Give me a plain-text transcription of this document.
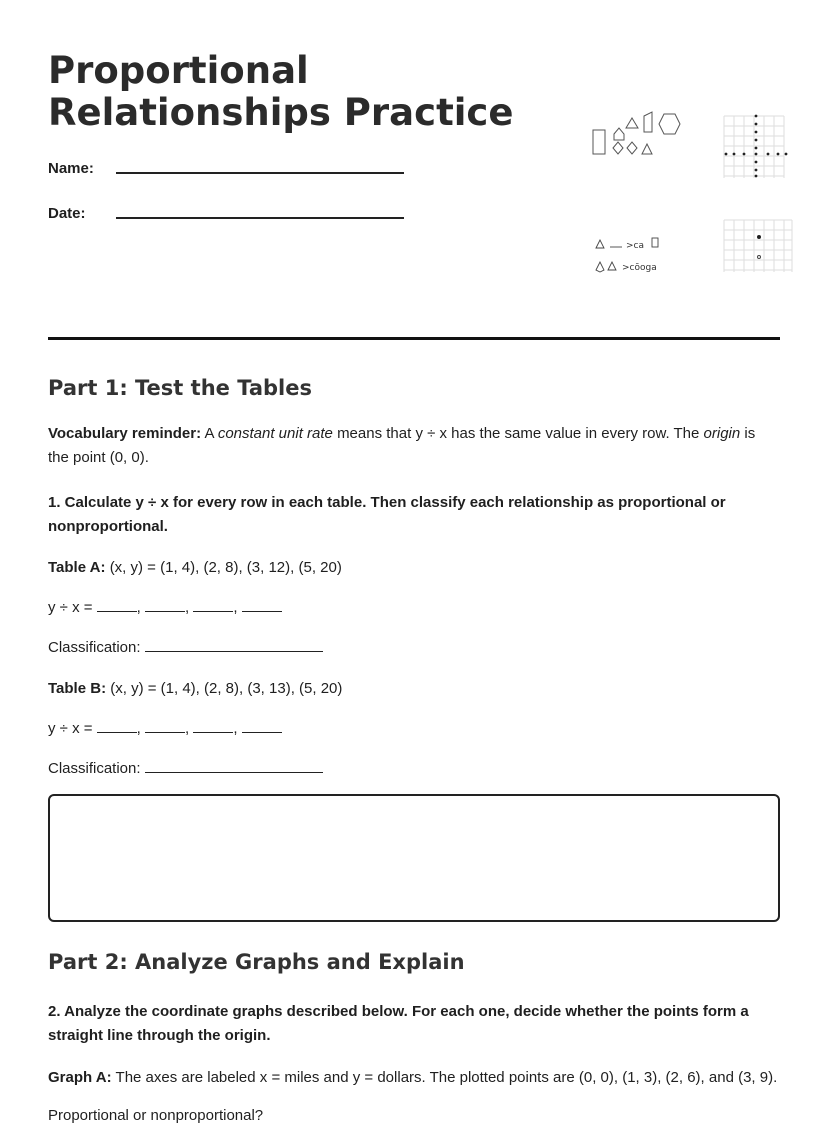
Proportional
Relationships Practice
Name:
Date:
>ca
>cōoga
Part 1: Test the Tables

Vocabulary reminder: A constant unit rate means that y ÷ x has the same value in every row. The origin is the point (0, 0).

1. Calculate y ÷ x for every row in each table. Then classify each relationship as proportional or nonproportional.

Table A: (x, y) = (1, 4), (2, 8), (3, 12), (5, 20)

y ÷ x =	,	,	,

Classification:

Table B: (x, y) = (1, 4), (2, 8), (3, 13), (5, 20)

y ÷ x =	,	,	,

Classification:

Part 2: Analyze Graphs and Explain

2. Analyze the coordinate graphs described below. For each one, decide whether the points form a straight line through the origin.

Graph A: The axes are labeled x = miles and y = dollars. The plotted points are (0, 0), (1, 3), (2, 6), and (3, 9).

Proportional or nonproportional?
